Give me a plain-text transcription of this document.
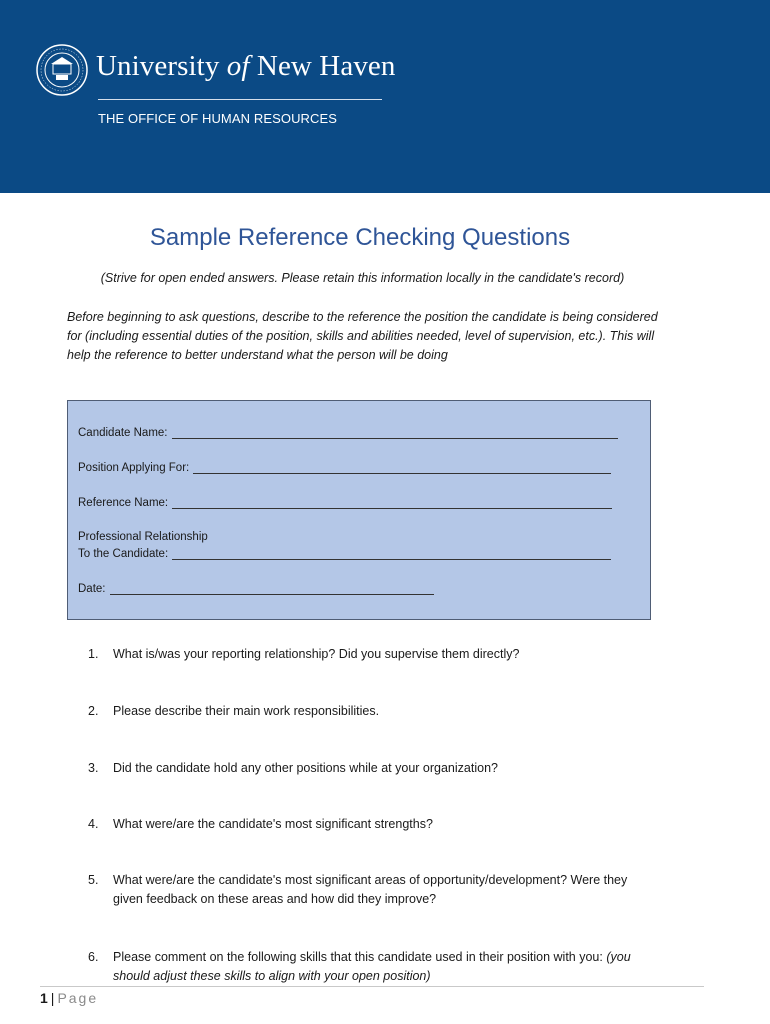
University of New Haven
THE OFFICE OF HUMAN RESOURCES
Sample Reference Checking Questions
(Strive for open ended answers. Please retain this information locally in the candidate's record)
Before beginning to ask questions, describe to the reference the position the candidate is being considered for (including essential duties of the position, skills and abilities needed, level of supervision, etc.). This will help the reference to better understand what the person will be doing
Candidate Name:
Position Applying For:
Reference Name:
Professional Relationship
To the Candidate:
Date:
1. What is/was your reporting relationship? Did you supervise them directly?
2. Please describe their main work responsibilities.
3. Did the candidate hold any other positions while at your organization?
4. What were/are the candidate's most significant strengths?
5. What were/are the candidate's most significant areas of opportunity/development? Were they given feedback on these areas and how did they improve?
6. Please comment on the following skills that this candidate used in their position with you: (you should adjust these skills to align with your open position)
1 | Page
